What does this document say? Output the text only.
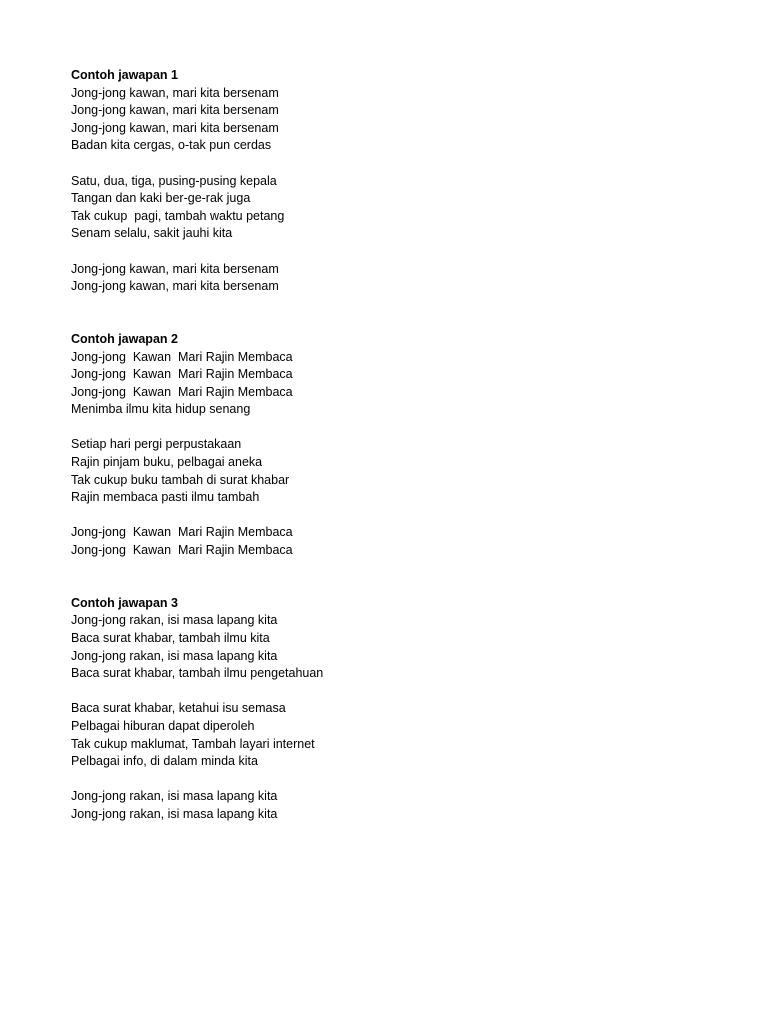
Contoh jawapan 1
Jong-jong kawan, mari kita bersenam
Jong-jong kawan, mari kita bersenam
Jong-jong kawan, mari kita bersenam
Badan kita cergas, o-tak pun cerdas
Satu, dua, tiga, pusing-pusing kepala
Tangan dan kaki ber-ge-rak juga
Tak cukup  pagi, tambah waktu petang
Senam selalu, sakit jauhi kita
Jong-jong kawan, mari kita bersenam
Jong-jong kawan, mari kita bersenam
Contoh jawapan 2
Jong-jong  Kawan  Mari Rajin Membaca
Jong-jong  Kawan  Mari Rajin Membaca
Jong-jong  Kawan  Mari Rajin Membaca
Menimba ilmu kita hidup senang
Setiap hari pergi perpustakaan
Rajin pinjam buku, pelbagai aneka
Tak cukup buku tambah di surat khabar
Rajin membaca pasti ilmu tambah
Jong-jong  Kawan  Mari Rajin Membaca
Jong-jong  Kawan  Mari Rajin Membaca
Contoh jawapan 3
Jong-jong rakan, isi masa lapang kita
Baca surat khabar, tambah ilmu kita
Jong-jong rakan, isi masa lapang kita
Baca surat khabar, tambah ilmu pengetahuan
Baca surat khabar, ketahui isu semasa
Pelbagai hiburan dapat diperoleh
Tak cukup maklumat, Tambah layari internet
Pelbagai info, di dalam minda kita
Jong-jong rakan, isi masa lapang kita
Jong-jong rakan, isi masa lapang kita
